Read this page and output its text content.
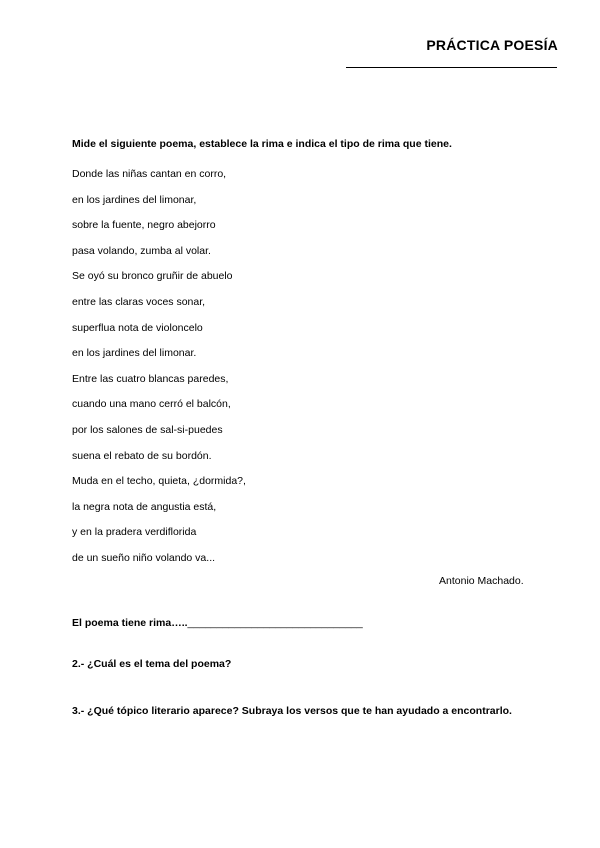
PRÁCTICA POESÍA
Mide el siguiente poema, establece la rima e indica el tipo de rima que tiene.
Donde las niñas cantan en corro,
en los jardines del limonar,
sobre la fuente, negro abejorro
pasa volando, zumba al volar.
Se oyó su bronco gruñir de abuelo
entre las claras voces sonar,
superflua nota de violoncelo
en los jardines del limonar.
Entre las cuatro blancas paredes,
cuando una mano cerró el balcón,
por los salones de sal-si-puedes
suena el rebato de su bordón.
Muda en el techo, quieta, ¿dormida?,
la negra nota de angustia está,
y en la pradera verdiflorida
de un sueño niño volando va...
Antonio Machado.
El poema tiene rima…..______________________________
2.- ¿Cuál es el tema del poema?
3.- ¿Qué tópico literario aparece? Subraya los versos que te han ayudado a encontrarlo.
